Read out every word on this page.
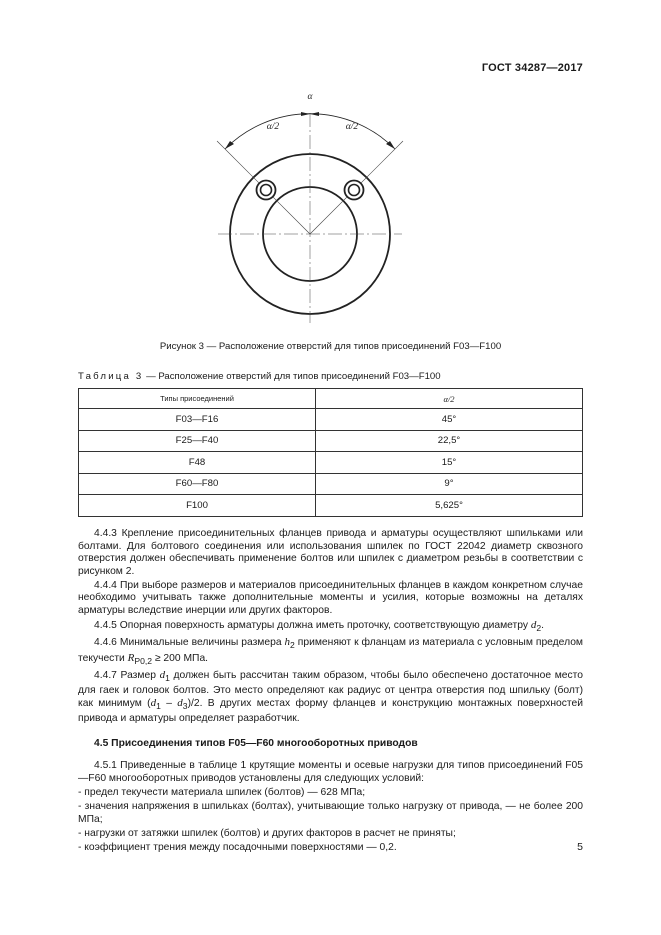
ГОСТ 34287—2017
α
α/2	α/2
Рисунок 3 — Расположение отверстий для типов присоединений F03—F100
Таблица 3 — Расположение отверстий для типов присоединений F03—F100
Типы присоединений	α/2
F03—F16	45°
F25—F40	22,5°
F48	15°
F60—F80	9°
F100	5,625°

4.4.3 Крепление присоединительных фланцев привода и арматуры осуществляют шпильками или болтами. Для болтового соединения или использования шпилек по ГОСТ 22042 диаметр сквозного отверстия должен обеспечивать применение болтов или шпилек с диаметром резьбы в соответствии с рисунком 2.

4.4.4 При выборе размеров и материалов присоединительных фланцев в каждом конкретном случае необходимо учитывать также дополнительные моменты и усилия, которые возможны на деталях арматуры вследствие инерции или других факторов.

4.4.5 Опорная поверхность арматуры должна иметь проточку, соответствующую диаметру $d_2$.

4.4.6 Минимальные величины размера $h_2$ применяют к фланцам из материала с условным пределом текучести $R_{P0,2} \ge 200$ МПа.

4.4.7 Размер $d_1$ должен быть рассчитан таким образом, чтобы было обеспечено достаточное место для гаек и головок болтов. Это место определяют как радиус от центра отверстия под шпильку (болт) как минимум $(d_1 - d_3)/2$. В других местах форму фланцев и конструкцию монтажных поверхностей привода и арматуры определяет разработчик.

4.5 Присоединения типов F05—F60 многооборотных приводов

4.5.1 Приведенные в таблице 1 крутящие моменты и осевые нагрузки для типов присоединений F05—F60 многооборотных приводов установлены для следующих условий:

- предел текучести материала шпилек (болтов) — 628 МПа;

- значения напряжения в шпильках (болтах), учитывающие только нагрузку от привода, — не более 200 МПа;

- нагрузки от затяжки шпилек (болтов) и других факторов в расчет не приняты;

- коэффициент трения между посадочными поверхностями — 0,2.	5
